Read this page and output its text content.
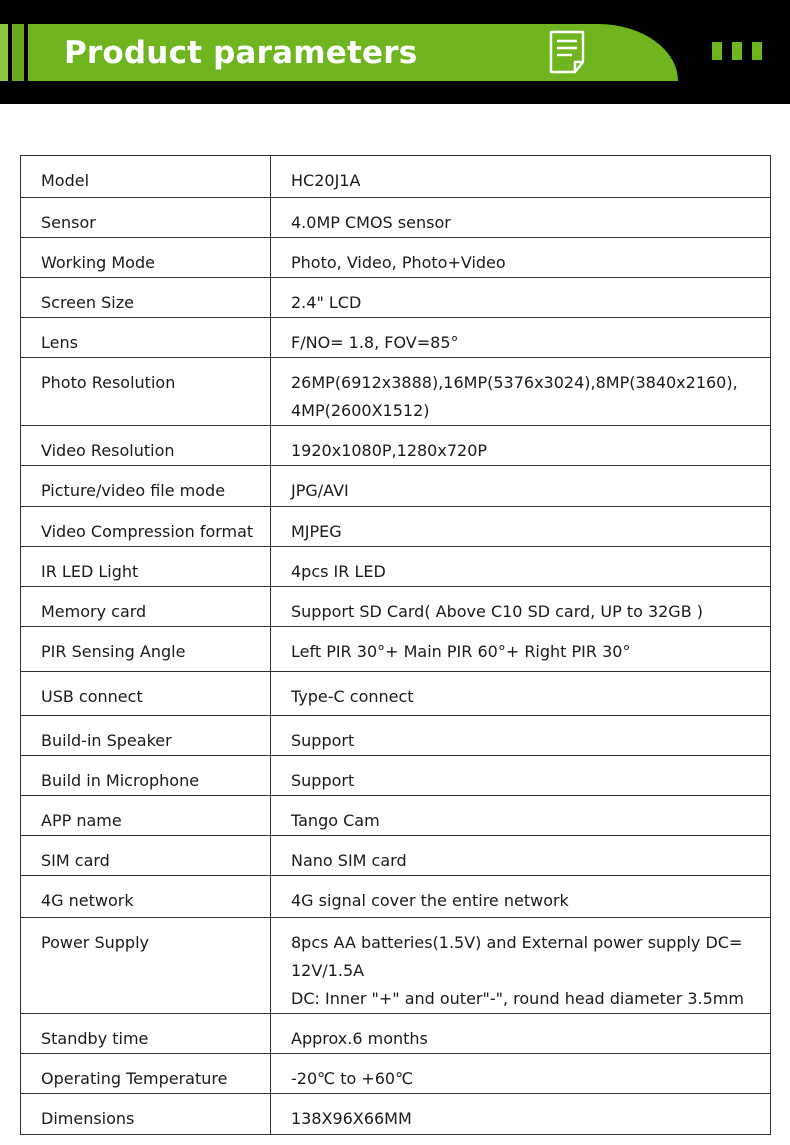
Product parameters
Model	HC20J1A

Sensor	4.0MP CMOS sensor

Working Mode	Photo, Video, Photo+Video

Screen Size	2.4" LCD

Lens	F/NO= 1.8, FOV=85°

Photo Resolution	26MP(6912x3888),16MP(5376x3024),8MP(3840x2160),
4MP(2600X1512)

Video Resolution	1920x1080P,1280x720P

Picture/video file mode	JPG/AVI

Video Compression format	MJPEG

IR LED Light	4pcs IR LED

Memory card	Support SD Card( Above C10 SD card, UP to 32GB )

PIR Sensing Angle	Left PIR 30°+ Main PIR 60°+ Right PIR 30°

USB connect	Type-C connect

Build-in Speaker	Support

Build in Microphone	Support

APP name	Tango Cam

SIM card	Nano SIM card

4G network	4G signal cover the entire network

Power Supply	8pcs AA batteries(1.5V) and External power supply DC= 12V/1.5A
DC: Inner "+" and outer"-", round head diameter 3.5mm

Standby time	Approx.6 months

Operating Temperature	-20℃ to +60℃

Dimensions	138X96X66MM
